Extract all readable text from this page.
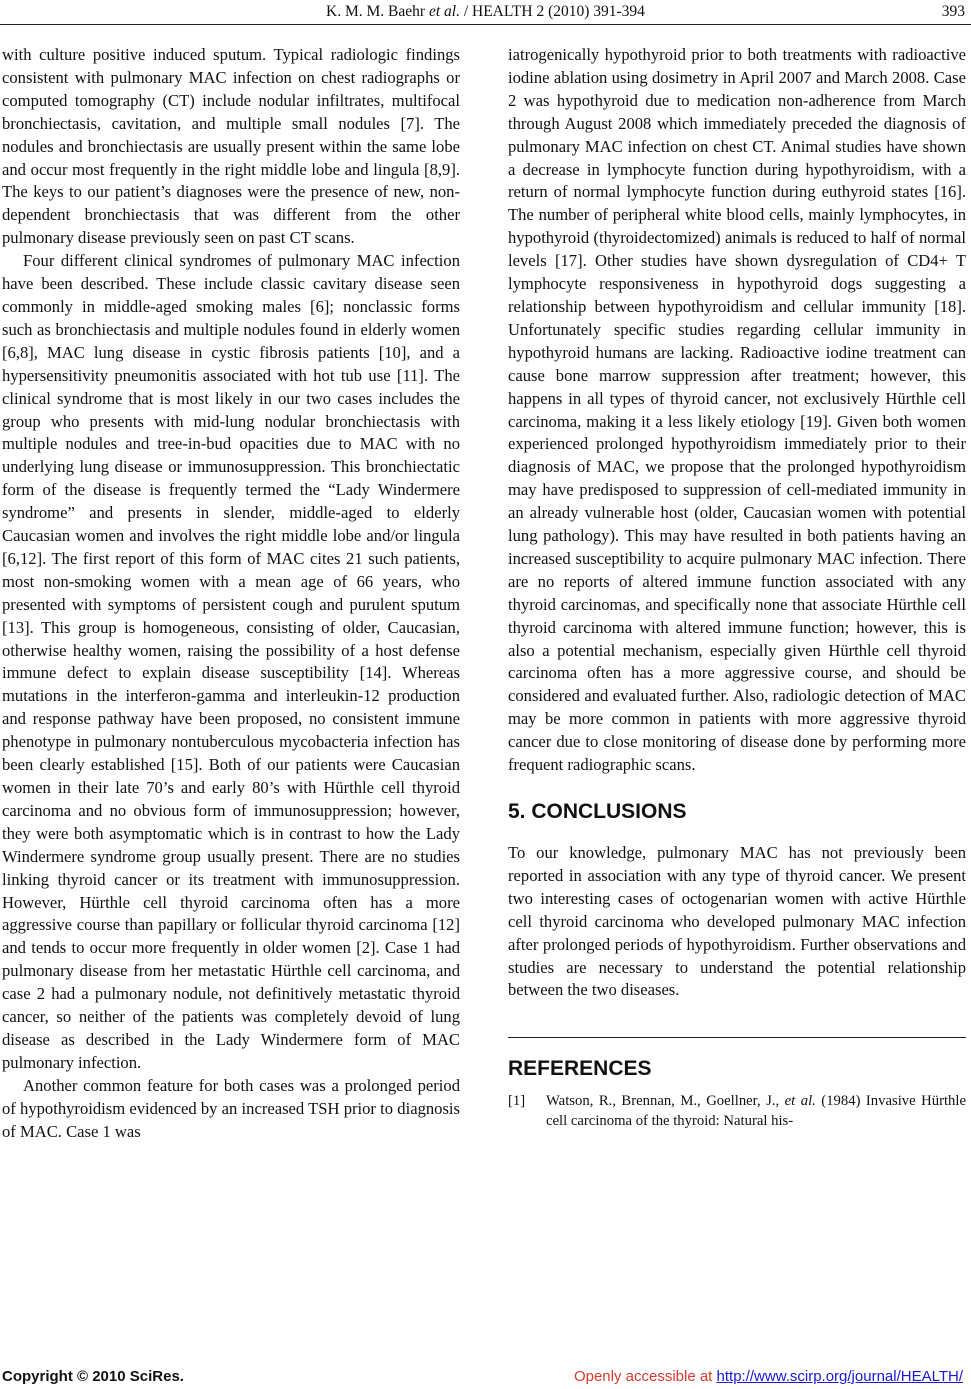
K. M. M. Baehr et al. / HEALTH 2 (2010) 391-394	393

with culture positive induced sputum. Typical radiologic findings consistent with pulmonary MAC infection on chest radiographs or computed tomography (CT) include nodular infiltrates, multifocal bronchiectasis, cavitation, and multiple small nodules [7]. The nodules and bronchiectasis are usually present within the same lobe and occur most frequently in the right middle lobe and lingula [8,9]. The keys to our patient’s diagnoses were the presence of new, non-dependent bronchiectasis that was different from the other pulmonary disease previously seen on past CT scans.

Four different clinical syndromes of pulmonary MAC infection have been described. These include classic cavitary disease seen commonly in middle-aged smoking males [6]; nonclassic forms such as bronchiectasis and multiple nodules found in elderly women [6,8], MAC lung disease in cystic fibrosis patients [10], and a hypersensitivity pneumonitis associated with hot tub use [11]. The clinical syndrome that is most likely in our two cases includes the group who presents with mid-lung nodular bronchiectasis with multiple nodules and tree-in-bud opacities due to MAC with no underlying lung disease or immunosuppression. This bronchiectatic form of the disease is frequently termed the “Lady Windermere syndrome” and presents in slender, middle-aged to elderly Caucasian women and involves the right middle lobe and/or lingula [6,12]. The first report of this form of MAC cites 21 such patients, most non-smoking women with a mean age of 66 years, who presented with symptoms of persistent cough and purulent sputum [13]. This group is homogeneous, consisting of older, Caucasian, otherwise healthy women, raising the possibility of a host defense immune defect to explain disease susceptibility [14]. Whereas mutations in the interferon-gamma and interleukin-12 production and response pathway have been proposed, no consistent immune phenotype in pulmonary nontuberculous mycobacteria infection has been clearly established [15]. Both of our patients were Caucasian women in their late 70’s and early 80’s with Hürthle cell thyroid carcinoma and no obvious form of immunosuppression; however, they were both asymptomatic which is in contrast to how the Lady Windermere syndrome group usually present. There are no studies linking thyroid cancer or its treatment with immunosuppression. However, Hürthle cell thyroid carcinoma often has a more aggressive course than papillary or follicular thyroid carcinoma [12] and tends to occur more frequently in older women [2]. Case 1 had pulmonary disease from her metastatic Hürthle cell carcinoma, and case 2 had a pulmonary nodule, not definitively metastatic thyroid cancer, so neither of the patients was completely devoid of lung disease as described in the Lady Windermere form of MAC pulmonary infection.

Another common feature for both cases was a prolonged period of hypothyroidism evidenced by an increased TSH prior to diagnosis of MAC. Case 1 was

iatrogenically hypothyroid prior to both treatments with radioactive iodine ablation using dosimetry in April 2007 and March 2008. Case 2 was hypothyroid due to medication non-adherence from March through August 2008 which immediately preceded the diagnosis of pulmonary MAC infection on chest CT. Animal studies have shown a decrease in lymphocyte function during hypothyroidism, with a return of normal lymphocyte function during euthyroid states [16]. The number of peripheral white blood cells, mainly lymphocytes, in hypothyroid (thyroidectomized) animals is reduced to half of normal levels [17]. Other studies have shown dysregulation of CD4+ T lymphocyte responsiveness in hypothyroid dogs suggesting a relationship between hypothyroidism and cellular immunity [18]. Unfortunately specific studies regarding cellular immunity in hypothyroid humans are lacking. Radioactive iodine treatment can cause bone marrow suppression after treatment; however, this happens in all types of thyroid cancer, not exclusively Hürthle cell carcinoma, making it a less likely etiology [19]. Given both women experienced prolonged hypothyroidism immediately prior to their diagnosis of MAC, we propose that the prolonged hypothyroidism may have predisposed to suppression of cell-mediated immunity in an already vulnerable host (older, Caucasian women with potential lung pathology). This may have resulted in both patients having an increased susceptibility to acquire pulmonary MAC infection. There are no reports of altered immune function associated with any thyroid carcinomas, and specifically none that associate Hürthle cell thyroid carcinoma with altered immune function; however, this is also a potential mechanism, especially given Hürthle cell thyroid carcinoma often has a more aggressive course, and should be considered and evaluated further. Also, radiologic detection of MAC may be more common in patients with more aggressive thyroid cancer due to close monitoring of disease done by performing more frequent radiographic scans.

5. CONCLUSIONS

To our knowledge, pulmonary MAC has not previously been reported in association with any type of thyroid cancer. We present two interesting cases of octogenarian women with active Hürthle cell thyroid carcinoma who developed pulmonary MAC infection after prolonged periods of hypothyroidism. Further observations and studies are necessary to understand the potential relationship between the two diseases.

REFERENCES
[1]	Watson, R., Brennan, M., Goellner, J., et al. (1984) Invasive Hürthle cell carcinoma of the thyroid: Natural his-
Copyright © 2010 SciRes.	Openly accessible at http://www.scirp.org/journal/HEALTH/
